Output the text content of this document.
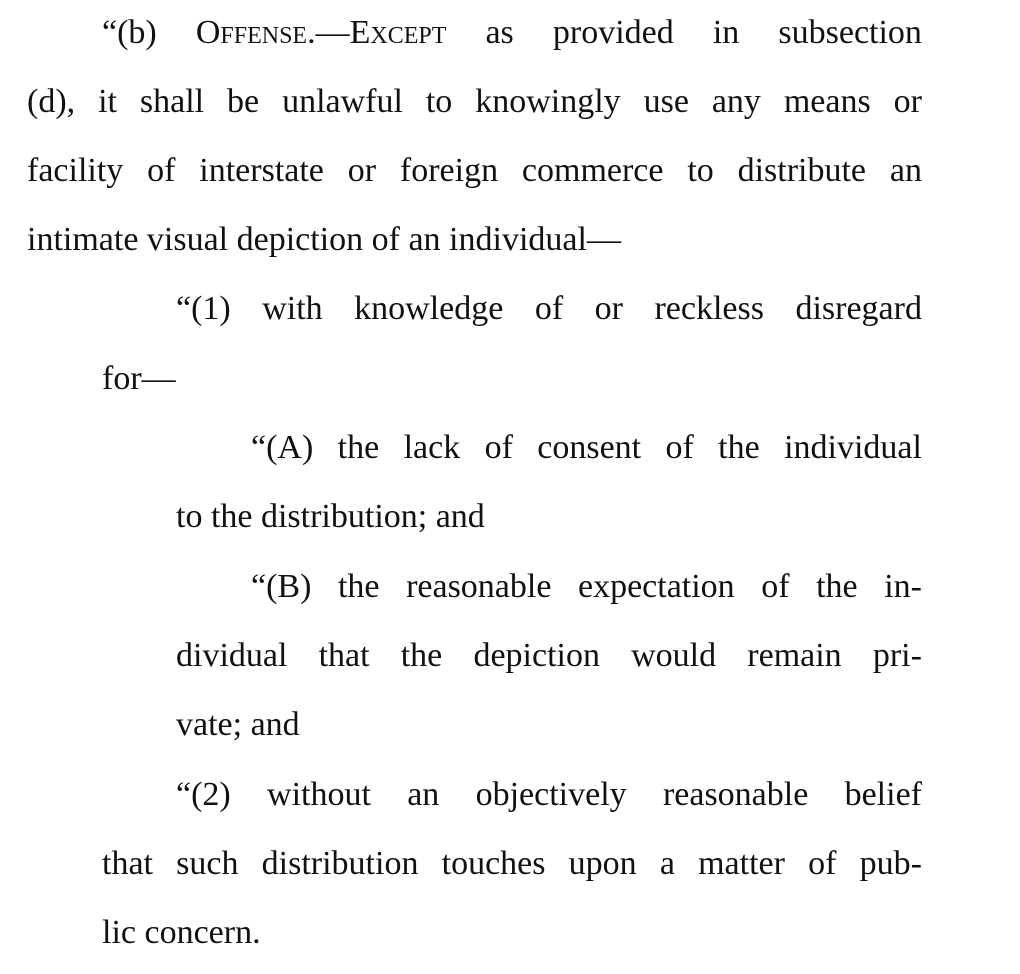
“(b) Offense.—Except as provided in subsection
(d), it shall be unlawful to knowingly use any means or
facility of interstate or foreign commerce to distribute an
intimate visual depiction of an individual—
“(1) with knowledge of or reckless disregard
for—
“(A) the lack of consent of the individual
to the distribution; and
“(B) the reasonable expectation of the in-
dividual that the depiction would remain pri-
vate; and
“(2) without an objectively reasonable belief
that such distribution touches upon a matter of pub-
lic concern.
